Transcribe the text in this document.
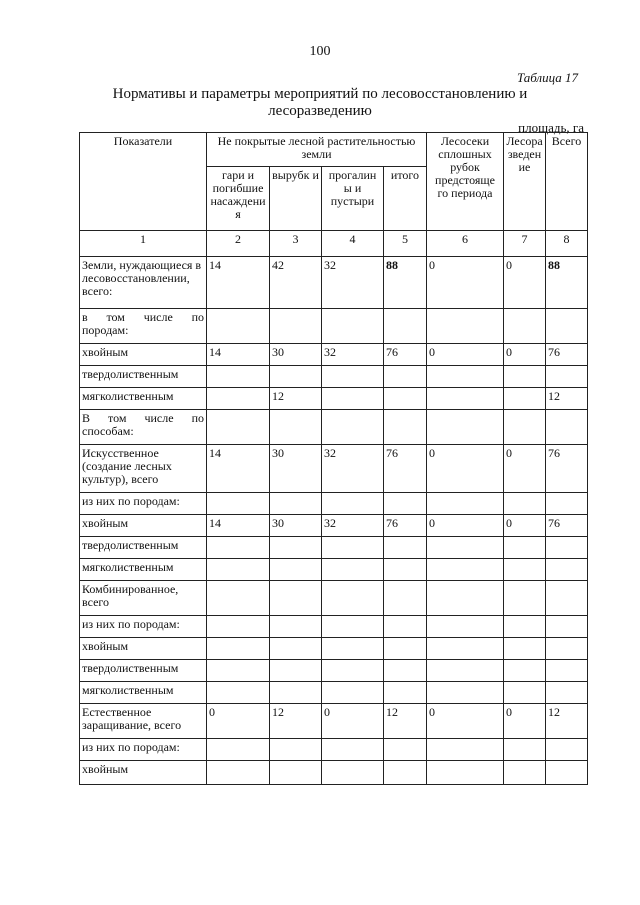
100
Таблица 17
Нормативы и параметры мероприятий по лесовосстановлению и
лесоразведению
площадь, га
Показатели	Не покрытые лесной растительностью земли				Лесосеки сплошных рубок предстояще го периода	Лесора зведен ие	Всего
	гари и погибшие насаждени я	вырубк и	прогалин ы и пустыри	итого			
1	2	3	4	5	6	7	8
Земли, нуждающиеся в лесовосстановлении, всего:	14	42	32	88	0	0	88
в том числе по породам:							
хвойным	14	30	32	76	0	0	76
твердолиственным							
мягколиственным		12					12
В том числе по способам:							
Искусственное (создание лесных культур), всего	14	30	32	76	0	0	76
из них по породам:							
хвойным	14	30	32	76	0	0	76
твердолиственным							
мягколиственным							
Комбинированное, всего							
из них по породам:							
хвойным							
твердолиственным							
мягколиственным							
Естественное заращивание, всего	0	12	0	12	0	0	12
из них по породам:							
хвойным							
